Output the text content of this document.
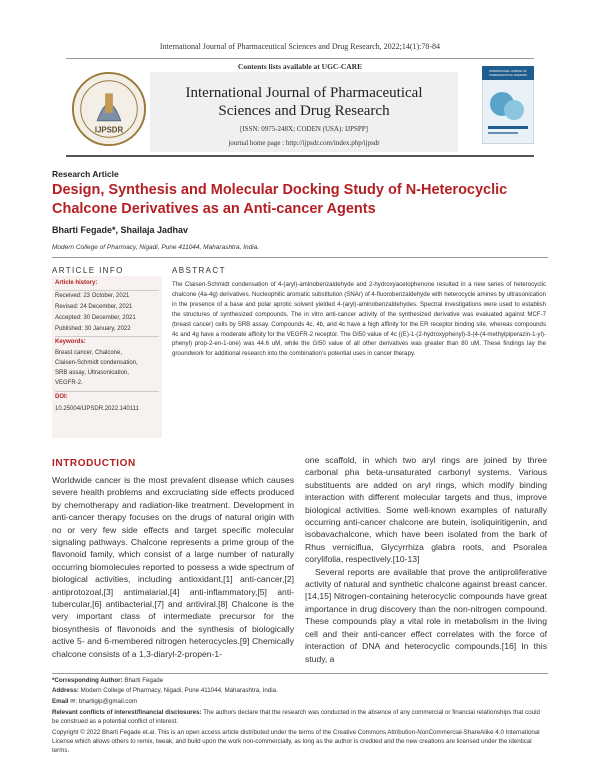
International Journal of Pharmaceutical Sciences and Drug Research, 2022;14(1):78-84
Contents lists available at UGC-CARE
International Journal of Pharmaceutical
Sciences and Drug Research
[ISSN: 0975-248X; CODEN (USA): IJPSPP]
journal home page : http://ijpsdr.com/index.php/ijpsdr
IJPSDR
INTERNATIONAL JOURNAL OF
PHARMACEUTICAL SCIENCES
Research Article
Design, Synthesis and Molecular Docking Study of N-Heterocyclic Chalcone Derivatives as an Anti-cancer Agents
Bharti Fegade*, Shailaja Jadhav
Modern College of Pharmacy, Nigadi, Pune 411044, Maharashtra, India.
ARTICLE INFO	ABSTRACT
Article history:
Received: 23 October, 2021
Revised: 24 December, 2021
Accepted: 30 December, 2021
Published: 30 January, 2022
Keywords:
Breast cancer, Chalcone,
Claisen-Schmidt condensation,
SRB assay, Ultrasonication,
VEGFR-2.
DOI:
10.25004/IJPSDR.2022.140111
The Claisen-Schmidt condensation of 4-(aryl)-aminobenzaldehyde and 2-hydroxyacetophenone resulted in a new series of heterocyclic chalcone (4a-4g) derivatives. Nucleophilic aromatic substitution (SNAr) of 4-fluorobenzaldehyde with heterocycle amines by ultrasonication in the presence of a base and polar aprotic solvent yielded 4-(aryl)-aminobenzaldehydes. Spectral investigations were used to establish the structures of synthesized compounds. The in vitro anti-cancer activity of the synthesized derivative was evaluated against MCF-7 (breast cancer) cells by SRB assay. Compounds 4c, 4b, and 4c have a high affinity for the ER receptor binding site, whereas compounds 4c and 4g have a moderate affinity for the VEGFR-2 receptor. The GI50 value of 4c {(E)-1-(2-hydroxyphenyl)-3-(4-(4-methylpiperazin-1-yl)-phenyl) prop-2-en-1-one) was 44.6 uM, while the GI50 value of all other derivatives was greater than 80 uM. These findings lay the groundwork for additional research into the combination's potential uses in cancer therapy.
INTRODUCTION

Worldwide cancer is the most prevalent disease which causes severe health problems and excruciating side effects produced by chemotherapy and radiation-like treatment. Development in anti-cancer therapy focuses on the drugs of natural origin with no or very few side effects and target specific molecular signaling pathways. Chalcone represents a prime group of the flavonoid family, which consist of a large number of naturally occurring biomolecules reported to possess a wide spectrum of biological activities, including antioxidant,[1] anti-cancer,[2] antiprotozoal,[3] antimalarial,[4] anti-inflammatory,[5] anti-tubercular,[6] antibacterial,[7] and antiviral.[8] Chalcone is the very important class of intermediate precursor for the biosynthesis of flavonoids and the synthesis of biologically active 5- and 6-membered nitrogen heterocycles.[9] Chemically chalcone consists of a 1,3-diaryl-2-propen-1-

one scaffold, in which two aryl rings are joined by three carbonal pha beta-unsaturated carbonyl systems. Various substituents are added on aryl rings, which modify binding interaction with different molecular targets and thus, improve biological activities. Some well-known examples of naturally occurring anti-cancer chalcone are butein, isoliquiritigenin, and isobavachalcone, which have been isolated from the bark of Rhus verniciflua, Glycyrrhiza glabra roots, and Psoralea corylifolia, respectively.[10-13]

Several reports are available that prove the antiproliferative activity of natural and synthetic chalcone against breast cancer.[14,15] Nitrogen-containing heterocyclic compounds have great importance in drug discovery than the non-nitrogen compound. These compounds play a vital role in metabolism in the living cell and their anti-cancer effect correlates with the force of interaction of DNA and heterocyclic compounds.[16] In this study, a

*Corresponding Author: Bharti Fegade
Address: Modern College of Pharmacy, Nigadi, Pune 411044, Maharashtra, India.
Email ✉: bhartigip@gmail.com
Relevant conflicts of interest/financial disclosures: The authors declare that the research was conducted in the absence of any commercial or financial relationships that could be construed as a potential conflict of interest.
Copyright © 2022 Bharti Fegade et.al. This is an open access article distributed under the terms of the Creative Commons Attribution-NonCommercial-ShareAlike 4.0 International License which allows others to remix, tweak, and build upon the work non-commercially, as long as the author is credited and the new creations are licensed under the identical terms.
